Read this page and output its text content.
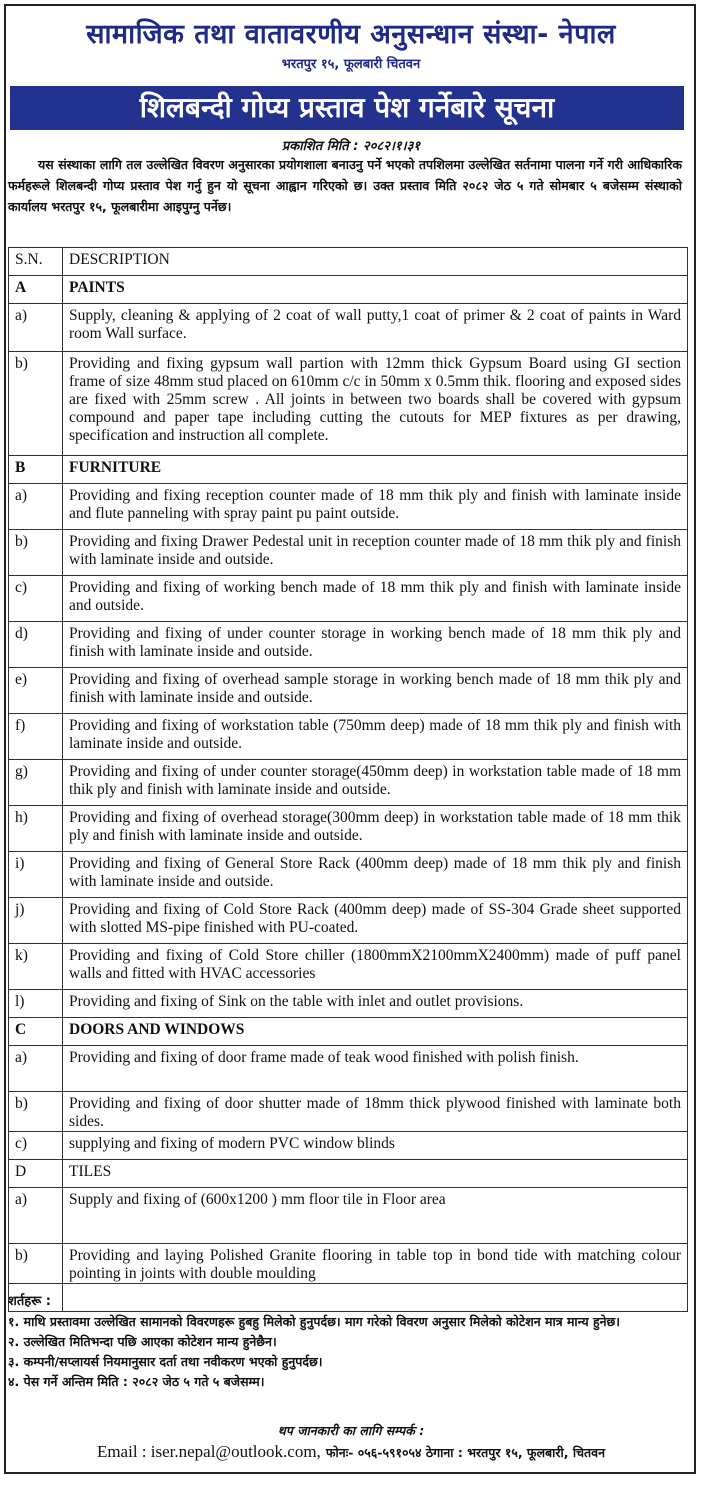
सामाजिक तथा वातावरणीय अनुसन्धान संस्था- नेपाल
भरतपुर १५, फूलबारी चितवन
शिलबन्दी गोप्य प्रस्ताव पेश गर्नेबारे सूचना
प्रकाशित मिति : २०८२।१।३१
यस संस्थाका लागि तल उल्लेखित विवरण अनुसारका प्रयोगशाला बनाउनु पर्ने भएको तपशिलमा उल्लेखित सर्तनामा पालना गर्ने गरी आधिकारिक फर्महरूले शिलबन्दी गोप्य प्रस्ताव पेश गर्नु हुन यो सूचना आह्वान गरिएको छ। उक्त प्रस्ताव मिति २०८२ जेठ ५ गते सोमबार ५ बजेसम्म संस्थाको कार्यालय भरतपुर १५, फूलबारीमा आइपुग्नु पर्नेछ।
S.N.	DESCRIPTION
A	PAINTS
a)	Supply, cleaning & applying of 2 coat of wall putty,1 coat of primer & 2 coat of paints in Ward room Wall surface.
b)	Providing and fixing gypsum wall partion with 12mm thick Gypsum Board using GI section frame of size 48mm stud placed on 610mm c/c in 50mm x 0.5mm thik. flooring and exposed sides are fixed with 25mm screw . All joints in between two boards shall be covered with gypsum compound and paper tape including cutting the cutouts for MEP fixtures as per drawing, specification and instruction all complete.
B	FURNITURE
a)	Providing and fixing reception counter made of 18 mm thik ply and finish with laminate inside and flute panneling with spray paint pu paint outside.
b)	Providing and fixing Drawer Pedestal unit in reception counter made of 18 mm thik ply and finish with laminate inside and outside.
c)	Providing and fixing of working bench made of 18 mm thik ply and finish with laminate inside and outside.
d)	Providing and fixing of under counter storage in working bench made of 18 mm thik ply and finish with laminate inside and outside.
e)	Providing and fixing of overhead sample storage in working bench made of 18 mm thik ply and finish with laminate inside and outside.
f)	Providing and fixing of workstation table (750mm deep) made of 18 mm thik ply and finish with laminate inside and outside.
g)	Providing and fixing of under counter storage(450mm deep) in workstation table made of 18 mm thik ply and finish with laminate inside and outside.
h)	Providing and fixing of overhead storage(300mm deep) in workstation table made of 18 mm thik ply and finish with laminate inside and outside.
i)	Providing and fixing of General Store Rack (400mm deep) made of 18 mm thik ply and finish with laminate inside and outside.
j)	Providing and fixing of Cold Store Rack (400mm deep) made of SS-304 Grade sheet supported with slotted MS-pipe finished with PU-coated.
k)	Providing and fixing of Cold Store chiller (1800mmX2100mmX2400mm) made of puff panel walls and fitted with HVAC accessories
l)	Providing and fixing of Sink on the table with inlet and outlet provisions.
C	DOORS AND WINDOWS
a)	Providing and fixing of door frame made of teak wood finished with polish finish.
b)	Providing and fixing of door shutter made of 18mm thick plywood finished with laminate both sides.
c)	supplying and fixing of modern PVC window blinds
D	TILES
a)	Supply and fixing of (600x1200 ) mm floor tile in Floor area
b)	Providing and laying Polished Granite flooring in table top in bond tide with matching colour pointing in joints with double moulding

शर्तहरू :
१. माथि प्रस्तावमा उल्लेखित सामानको विवरणहरू हुबहु मिलेको हुनुपर्दछ। माग गरेको विवरण अनुसार मिलेको कोटेशन मात्र मान्य हुनेछ।
२. उल्लेखित मितिभन्दा पछि आएका कोटेशन मान्य हुनेछैन।
३. कम्पनी/सप्लायर्स नियमानुसार दर्ता तथा नवीकरण भएको हुनुपर्दछ।
४. पेस गर्ने अन्तिम मिति : २०८२ जेठ ५ गते ५ बजेसम्म।
थप जानकारी का लागि सम्पर्क :
Email : iser.nepal@outlook.com, फोनः- ०५६-५९१०५४ ठेगाना : भरतपुर १५, फूलबारी, चितवन
